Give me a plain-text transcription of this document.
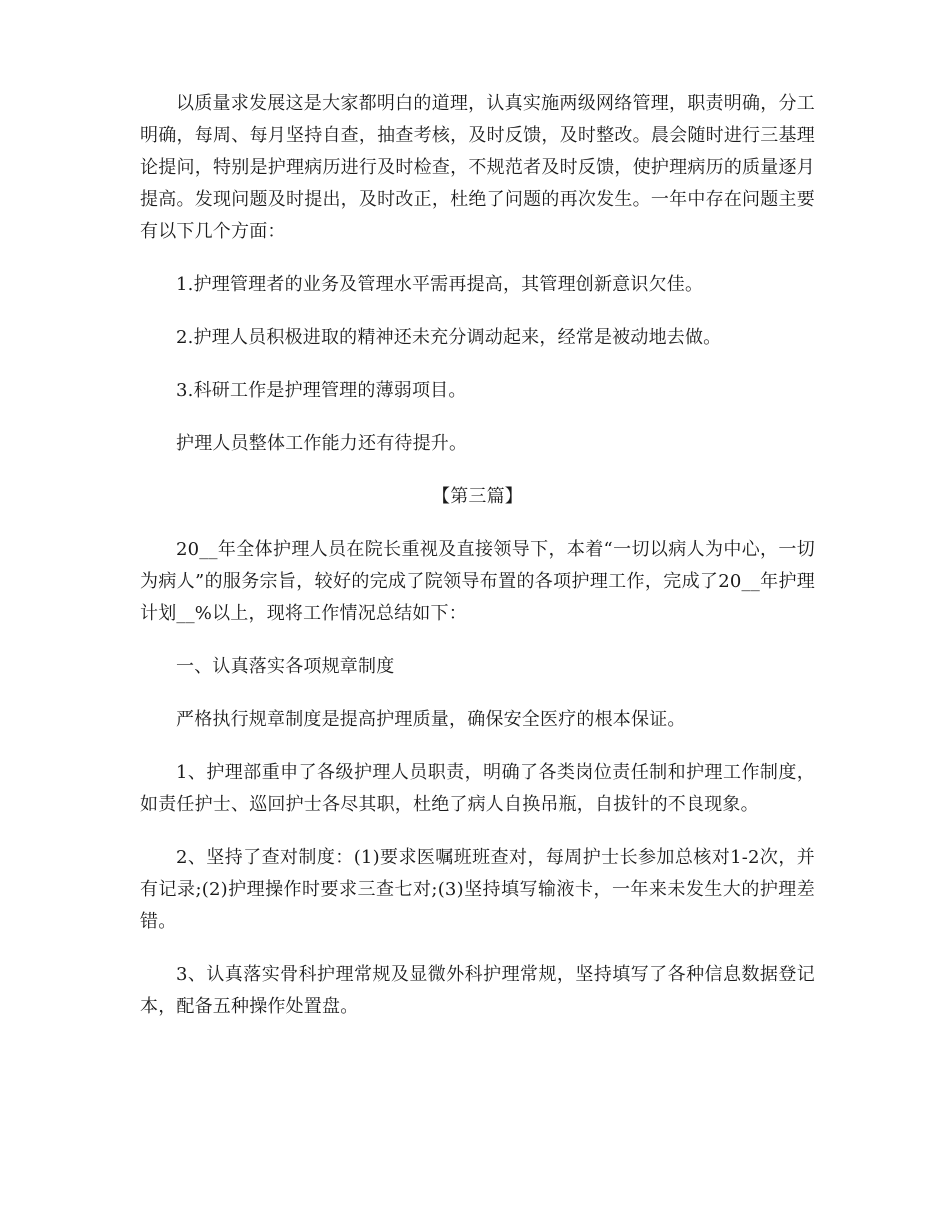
以质量求发展这是大家都明白的道理，认真实施两级网络管理，职责明确，分工明确，每周、每月坚持自查，抽查考核，及时反馈，及时整改。晨会随时进行三基理论提问，特别是护理病历进行及时检查，不规范者及时反馈，使护理病历的质量逐月提高。发现问题及时提出，及时改正，杜绝了问题的再次发生。一年中存在问题主要有以下几个方面：

1.护理管理者的业务及管理水平需再提高，其管理创新意识欠佳。

2.护理人员积极进取的精神还未充分调动起来，经常是被动地去做。

3.科研工作是护理管理的薄弱项目。

护理人员整体工作能力还有待提升。

【第三篇】

20__年全体护理人员在院长重视及直接领导下，本着“一切以病人为中心，一切为病人”的服务宗旨，较好的完成了院领导布置的各项护理工作，完成了20__年护理计划__%以上，现将工作情况总结如下：

一、认真落实各项规章制度

严格执行规章制度是提高护理质量，确保安全医疗的根本保证。

1、护理部重申了各级护理人员职责，明确了各类岗位责任制和护理工作制度，如责任护士、巡回护士各尽其职，杜绝了病人自换吊瓶，自拔针的不良现象。

2、坚持了查对制度：(1)要求医嘱班班查对，每周护士长参加总核对1-2次，并有记录;(2)护理操作时要求三查七对;(3)坚持填写输液卡，一年来未发生大的护理差错。

3、认真落实骨科护理常规及显微外科护理常规，坚持填写了各种信息数据登记本，配备五种操作处置盘。
